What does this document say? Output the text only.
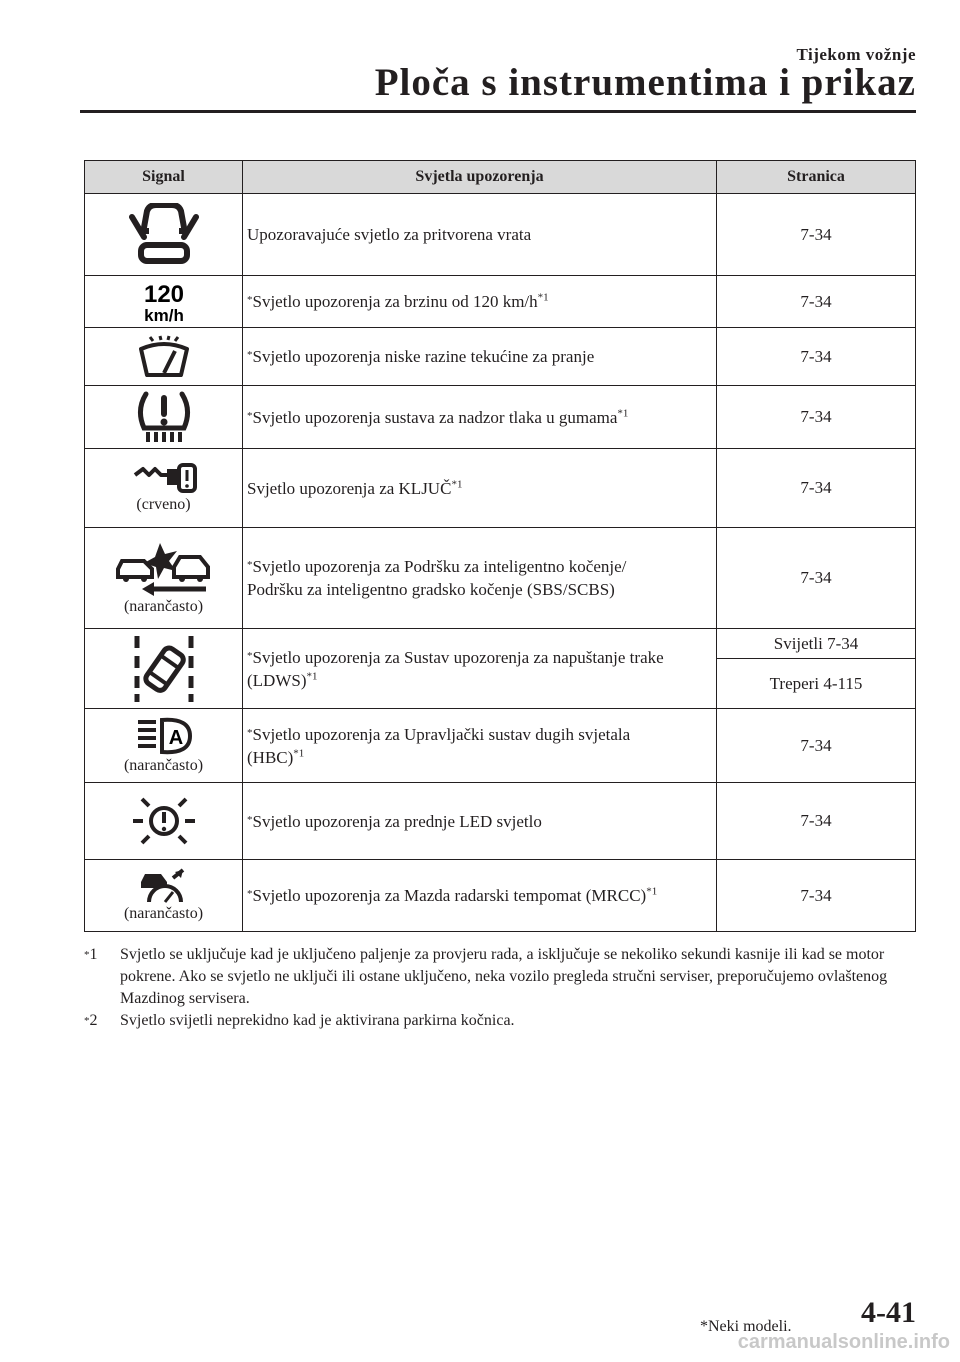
Tijekom vožnje
Ploča s instrumentima i prikaz
Signal	Svjetla upozorenja	Stranica

	Upozoravajuće svjetlo za pritvorena vrata	7-34

120
km/h	*Svjetlo upozorenja za brzinu od 120 $km/h^{*1}$	7-34

	*Svjetlo upozorenja niske razine tekućine za pranje	7-34

	*Svjetlo upozorenja sustava za nadzor tlaka u gumama$^{*1}$	7-34

(crveno)	Svjetlo upozorenja za KLJUČ$^{*1}$	7-34

(narančasto)	*Svjetlo upozorenja za Podršku za inteligentno kočenje/
Podršku za inteligentno gradsko kočenje (SBS/SCBS)	7-34

	*Svjetlo upozorenja za Sustav upozorenja za napuštanje trake
(LDWS)$^{*1}$	Svijetli 7-34
		Treperi 4-115

A
(narančasto)	*Svjetlo upozorenja za Upravljački sustav dugih svjetala
(HBC)$^{*1}$	7-34

	*Svjetlo upozorenja za prednje LED svjetlo	7-34

(narančasto)	*Svjetlo upozorenja za Mazda radarski tempomat (MRCC)$^{*1}$	7-34
*1 Svjetlo se uključuje kad je uključeno paljenje za provjeru rada, a isključuje se nekoliko sekundi kasnije ili kad se motor pokrene. Ako se svjetlo ne uključi ili ostane uključeno, neka vozilo pregleda stručni serviser, preporučujemo ovlaštenog Mazdinog servisera.
*2 Svjetlo svijetli neprekidno kad je aktivirana parkirna kočnica.
*Neki modeli. 4-41
carmanualsonline.info
